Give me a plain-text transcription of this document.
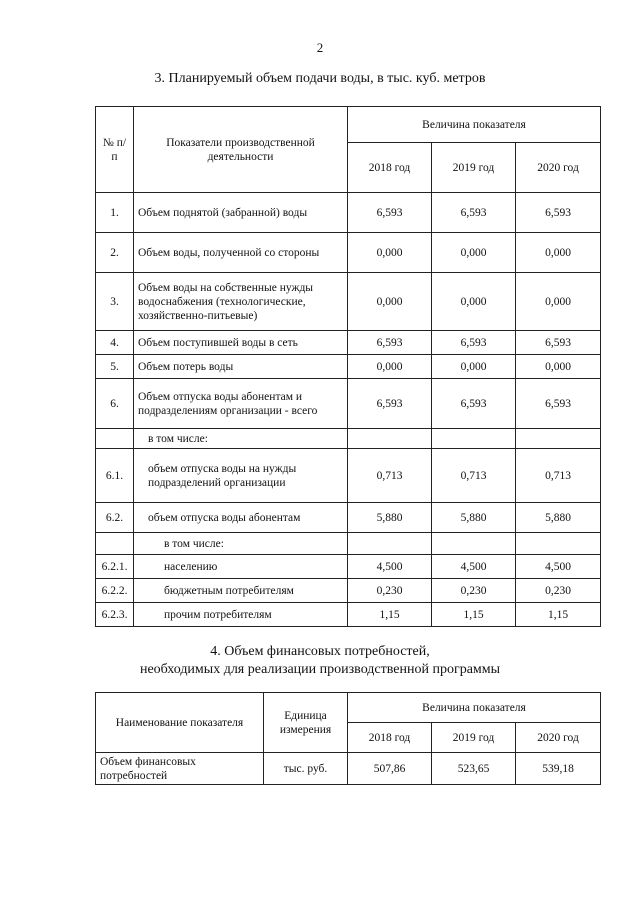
2
3. Планируемый объем подачи воды, в тыс. куб. метров
№ п/п	Показатели производственной деятельности	Величина показателя		
		2018 год	2019 год	2020 год
1.	Объем поднятой (забранной) воды	6,593	6,593	6,593
2.	Объем воды, полученной со стороны	0,000	0,000	0,000
3.	Объем воды на собственные нужды водоснабжения (технологические, хозяйственно-питьевые)	0,000	0,000	0,000
4.	Объем поступившей воды в сеть	6,593	6,593	6,593
5.	Объем потерь воды	0,000	0,000	0,000
6.	Объем отпуска воды абонентам и подразделениям организации - всего	6,593	6,593	6,593
	в том числе:			
6.1.	объем отпуска воды на нужды подразделений организации	0,713	0,713	0,713
6.2.	объем отпуска воды абонентам	5,880	5,880	5,880
	в том числе:			
6.2.1.	населению	4,500	4,500	4,500
6.2.2.	бюджетным потребителям	0,230	0,230	0,230
6.2.3.	прочим потребителям	1,15	1,15	1,15
4. Объем финансовых потребностей,
необходимых для реализации производственной программы
Наименование показателя	Единица измерения	Величина показателя		
		2018 год	2019 год	2020 год
Объем финансовых потребностей	тыс. руб.	507,86	523,65	539,18
